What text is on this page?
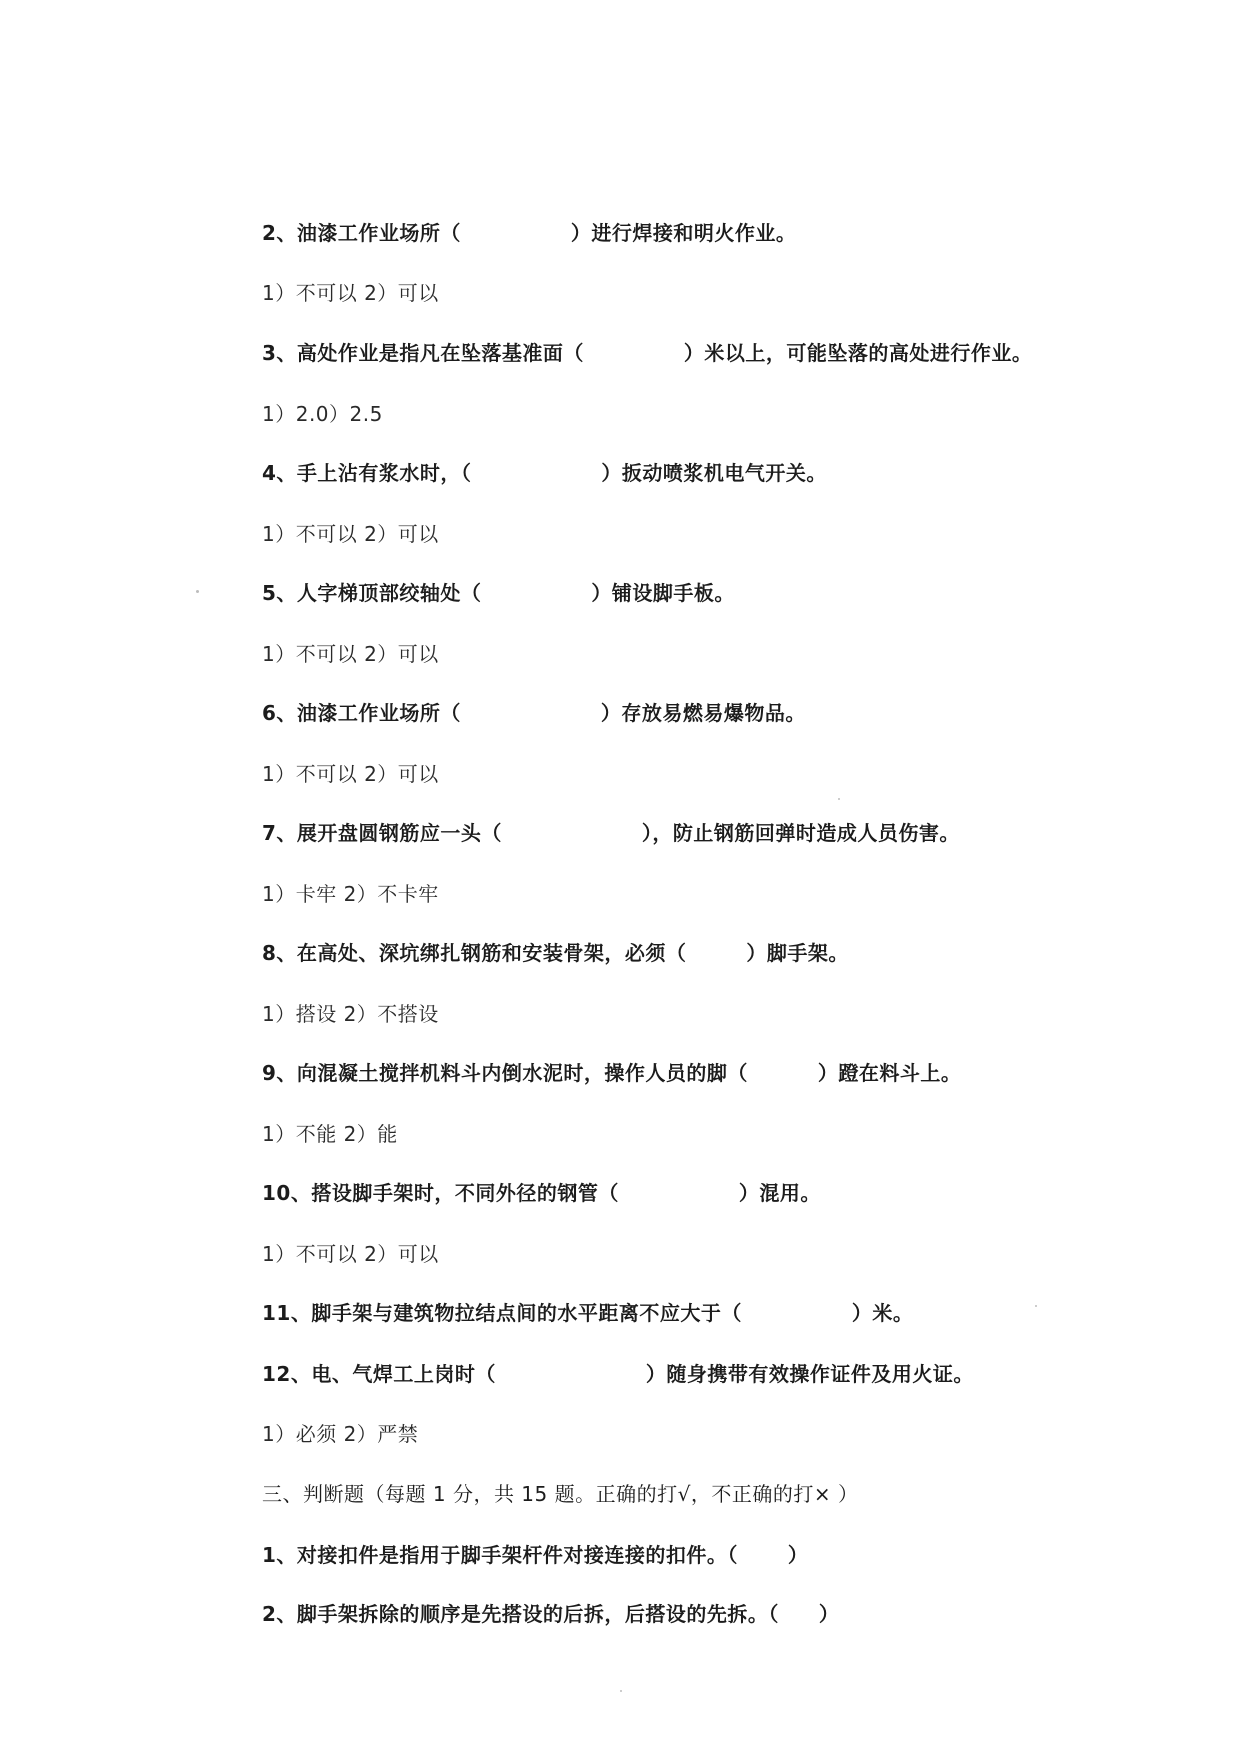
2、油漆工作业场所（	）进行焊接和明火作业。
1）不可以 2）可以
3、高处作业是指凡在坠落基准面（	）米以上，可能坠落的高处进行作业。
1）2.0）2.5
4、手上沾有浆水时，（	）扳动喷浆机电气开关。
1）不可以 2）可以
5、人字梯顶部绞轴处（	）铺设脚手板。
1）不可以 2）可以
6、油漆工作业场所（	）存放易燃易爆物品。
1）不可以 2）可以
7、展开盘圆钢筋应一头（	），防止钢筋回弹时造成人员伤害。
1）卡牢 2）不卡牢
8、在高处、深坑绑扎钢筋和安装骨架，必须（	）脚手架。
1）搭设 2）不搭设
9、向混凝土搅拌机料斗内倒水泥时，操作人员的脚（	）蹬在料斗上。
1）不能 2）能
10、搭设脚手架时，不同外径的钢管（	）混用。
1）不可以 2）可以
11、脚手架与建筑物拉结点间的水平距离不应大于（	）米。
12、电、气焊工上岗时（	）随身携带有效操作证件及用火证。
1）必须 2）严禁
三、判断题（每题 1 分，共 15 题。正确的打√，不正确的打× ）
1、对接扣件是指用于脚手架杆件对接连接的扣件。（	）
2、脚手架拆除的顺序是先搭设的后拆，后搭设的先拆。（ ）
